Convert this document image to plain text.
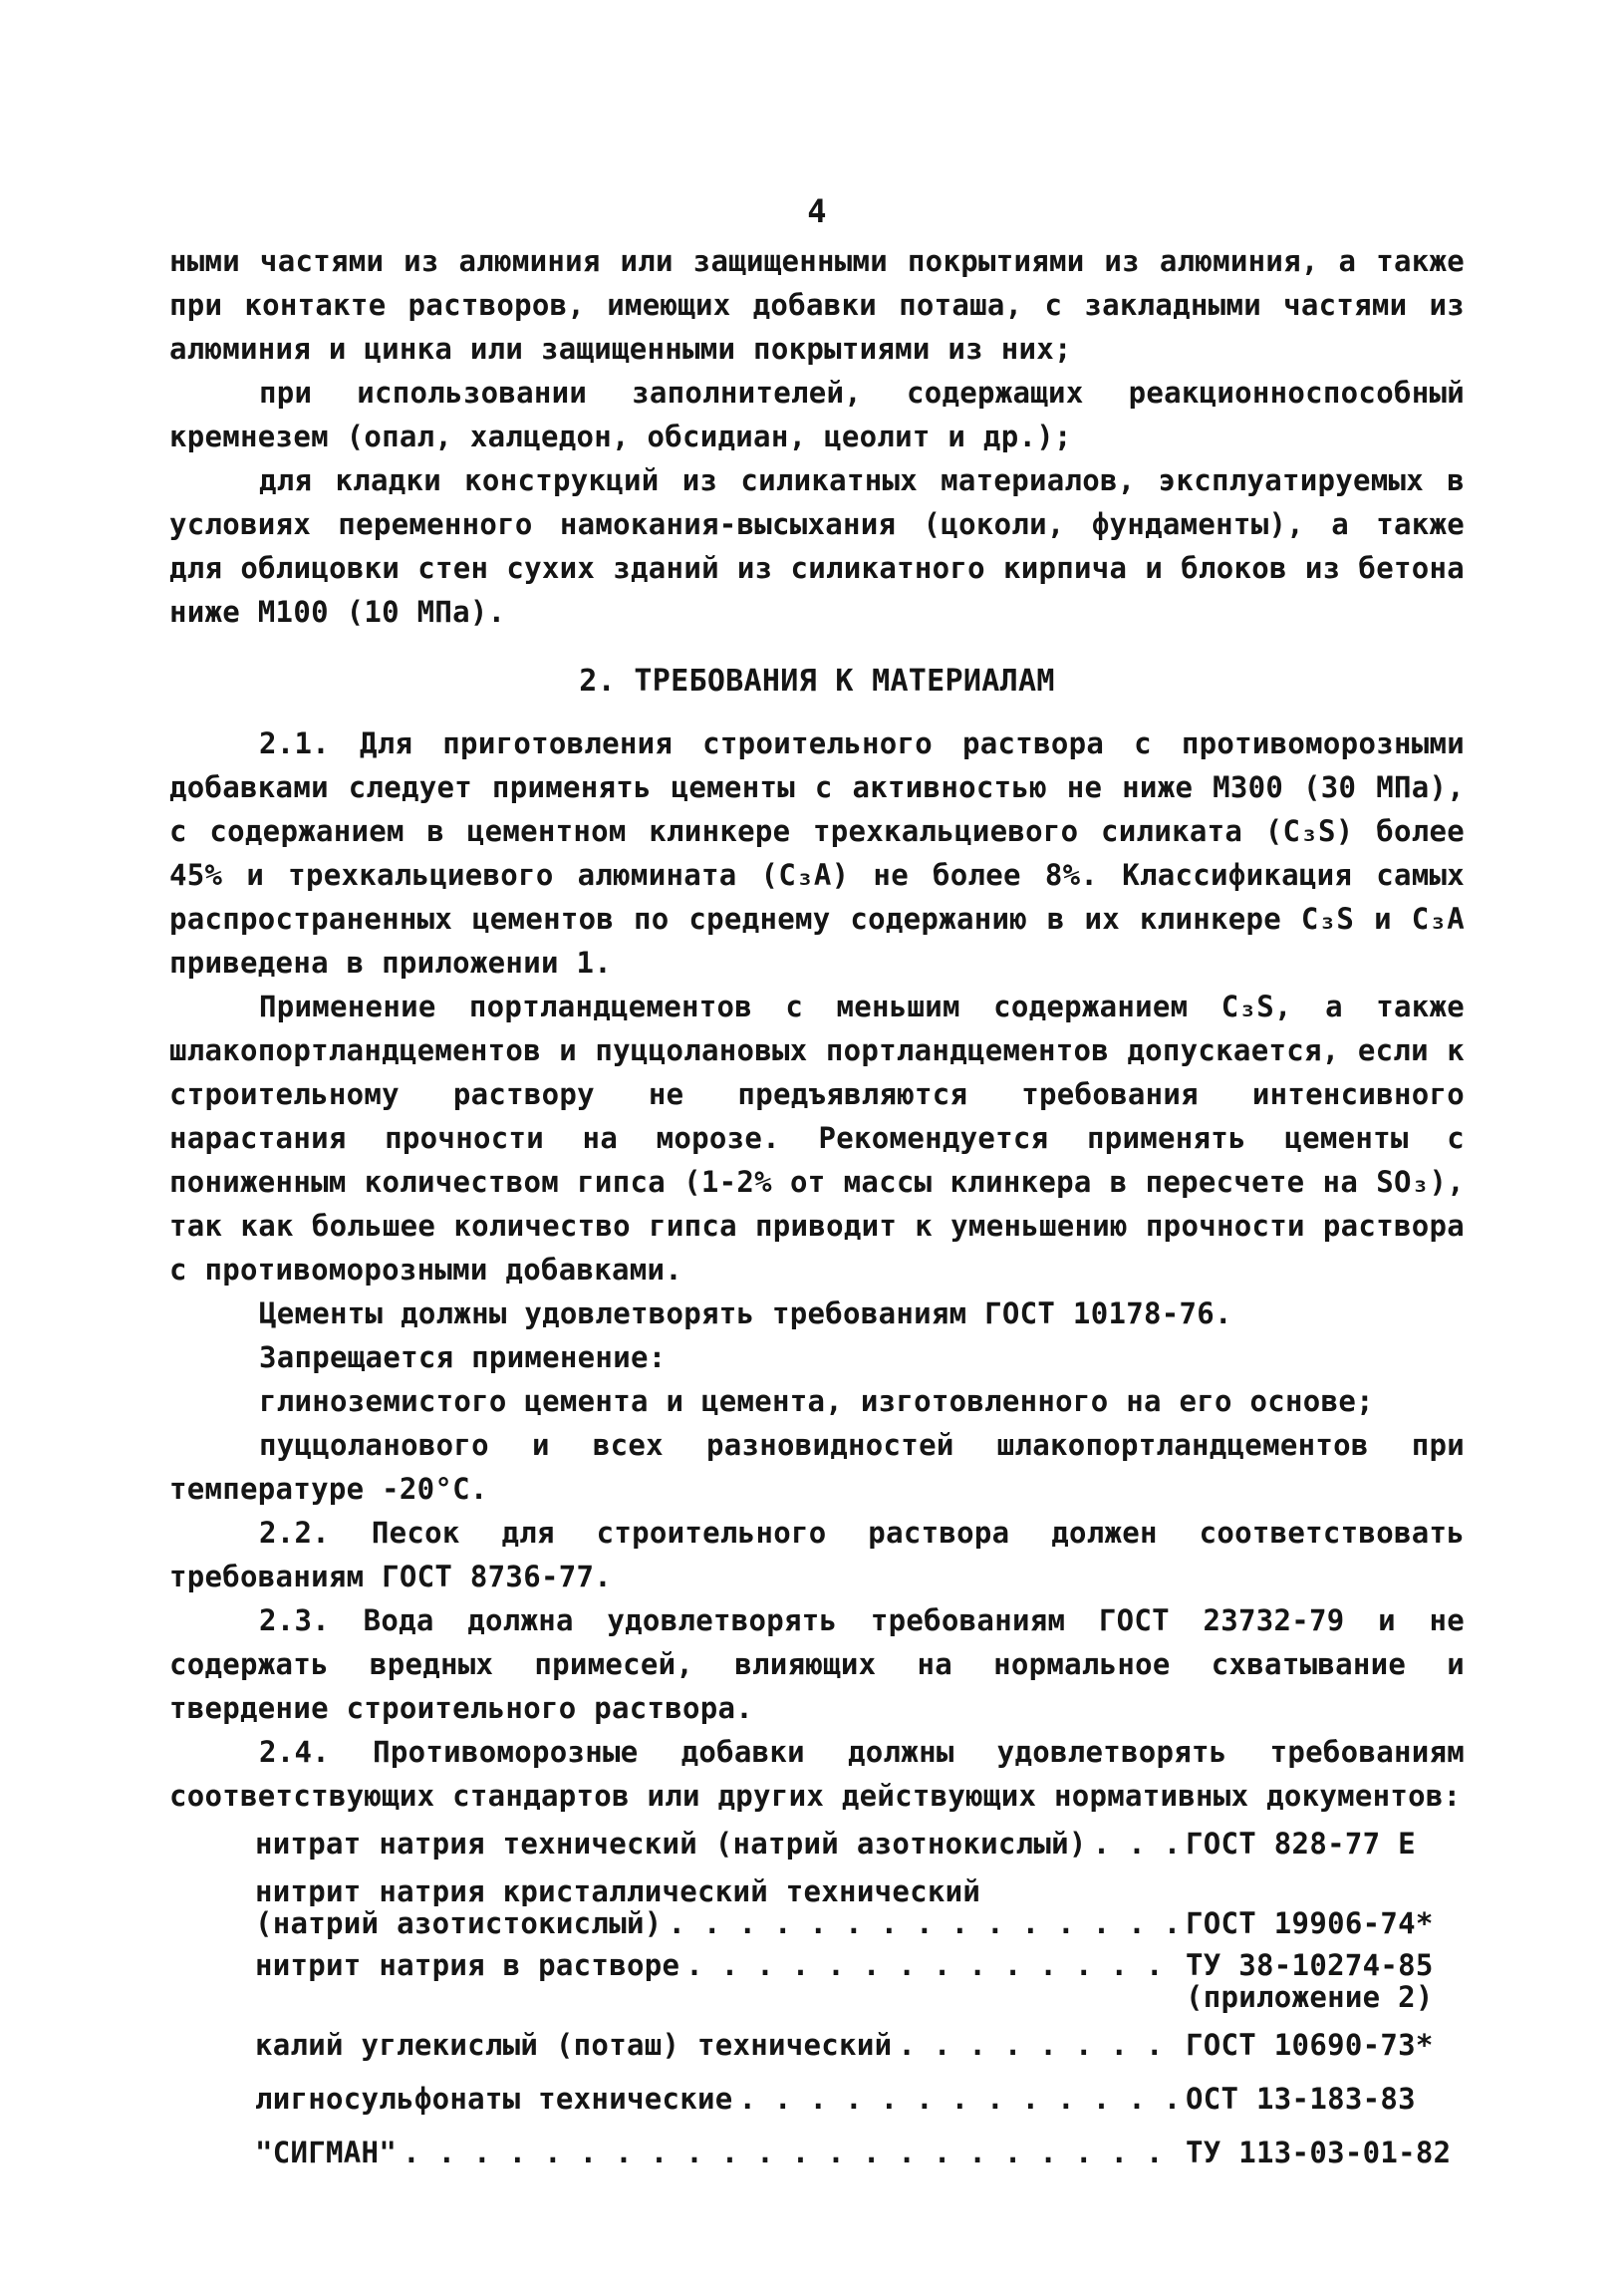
4

ными частями из алюминия или защищенными покрытиями из алюминия, а также при контакте растворов, имеющих добавки поташа, с закладными частями из алюминия и цинка или защищенными покрытиями из них;

при использовании заполнителей, содержащих реакционноспособный кремнезем (опал, халцедон, обсидиан, цеолит и др.);

для кладки конструкций из силикатных материалов, эксплуатируемых в условиях переменного намокания-высыхания (цоколи, фундаменты), а также для облицовки стен сухих зданий из силикатного кирпича и блоков из бетона ниже М100 (10 МПа).

2. ТРЕБОВАНИЯ К МАТЕРИАЛАМ

2.1. Для приготовления строительного раствора с противоморозными добавками следует применять цементы с активностью не ниже М300 (30 МПа), с содержанием в цементном клинкере трехкальциевого силиката (C₃S) более 45% и трехкальциевого алюмината (C₃A) не более 8%. Классификация самых распространенных цементов по среднему содержанию в их клинкере C₃S и C₃A приведена в приложении 1.

Применение портландцементов с меньшим содержанием C₃S, а также шлакопортландцементов и пуццолановых портландцементов допускается, если к строительному раствору не предъявляются требования интенсивного нарастания прочности на морозе. Рекомендуется применять цементы с пониженным количеством гипса (1-2% от массы клинкера в пересчете на SO₃), так как большее количество гипса приводит к уменьшению прочности раствора с противоморозными добавками.

Цементы должны удовлетворять требованиям ГОСТ 10178-76.

Запрещается применение:

глиноземистого цемента и цемента, изготовленного на его основе;

пуццоланового и всех разновидностей шлакопортландцементов при температуре -20°С.

2.2. Песок для строительного раствора должен соответствовать требованиям ГОСТ 8736-77.

2.3. Вода должна удовлетворять требованиям ГОСТ 23732-79 и не содержать вредных примесей, влияющих на нормальное схватывание и твердение строительного раствора.

2.4. Противоморозные добавки должны удовлетворять требованиям соответствующих стандартов или других действующих нормативных документов:

нитрат натрия технический (натрий азотнокислый) . . .	ГОСТ 828-77 Е
нитрит натрия кристаллический технический
(натрий азотистокислый) . . .	ГОСТ 19906-74*
нитрит натрия в растворе . . .	ТУ 38-10274-85
(приложение 2)
калий углекислый (поташ) технический . . .	ГОСТ 10690-73*
лигносульфонаты технические . . .	ОСТ 13-183-83
"СИГМАН" . . .	ТУ 113-03-01-82
